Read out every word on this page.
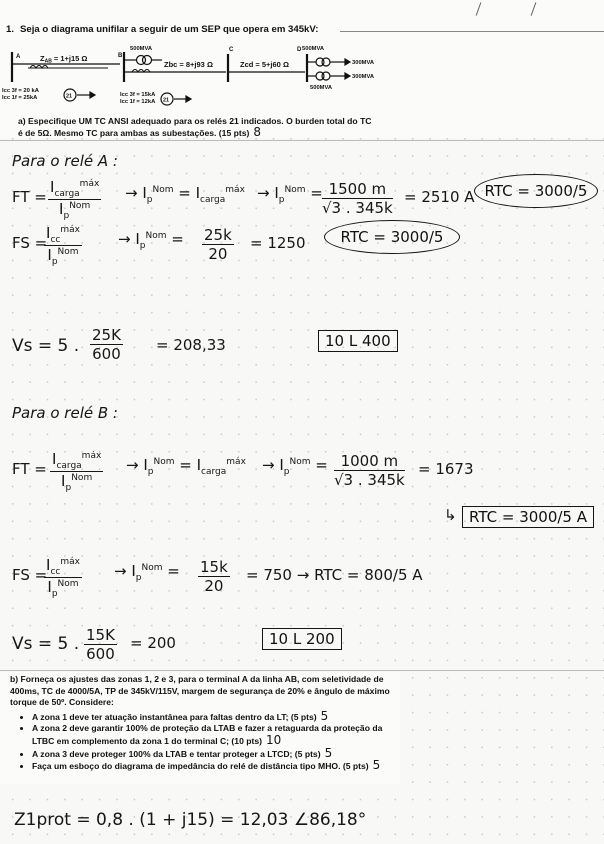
1. Seja o diagrama unifilar a seguir de um SEP que opera em 345kV:
A	B
C	D
$Z_{AB} = 1+j15$ Ω
Zbc = 8+j93 Ω	Zcd = 5+j60 Ω
500MVA	500MVA
300MVA
300MVA
500MVA
Icc 3f = 20 kA
Icc 1f = 25kA	Icc 3f = 15kA
Icc 1f = 12kA
21
21
a) Especifique UM TC ANSI adequado para os relés 21 indicados. O burden total do TC é de 5Ω. Mesmo TC para ambas as subestações. (15 pts) 8
Para o relé A :
FT =
$I_{carga}^{máx}$
$I_p^{Nom}$
→ $I_p^{Nom} = I_{carga}^{máx} \to I_p^{Nom} = \frac{1500 m}{√3 . 345k} = 2510$ A RTC = 3000/5
FS =
$I_{cc}^{máx}$
$I_p^{Nom}$
→ $I_p^{Nom} = \frac{25k}{20} = 1250$	RTC = 3000/5
Vs = 5 . $\frac{25K}{600} = 208,33$	10 L 400
Para o relé B :
FT =
$I_{carga}^{máx}$
$I_p^{Nom}$
→ $I_p^{Nom} = I_{carga}^{máx} \to I_p^{Nom} = \frac{1000 m}{√3 . 345k} = 1673$
↳ RTC = 3000/5 A
FS =
$I_{cc}^{máx}$
$I_p^{Nom}$
→ $I_p^{Nom} = \frac{15k}{20} = 750$ → RTC = 800/5 A
Vs = 5 . $\frac{15K}{600} = 200$	10 L 200
b) Forneça os ajustes das zonas 1, 2 e 3, para o terminal A da linha AB, com seletividade de 400ms, TC de 4000/5A, TP de 345kV/115V, margem de segurança de 20% e ângulo de máximo torque de 50º. Considere:
• A zona 1 deve ter atuação instantânea para faltas dentro da LT; (5 pts) 5
• A zona 2 deve garantir 100% de proteção da LTAB e fazer a retaguarda da proteção da LTBC em complemento da zona 1 do terminal C; (10 pts) 10
• A zona 3 deve proteger 100% da LTAB e tentar proteger a LTCD; (5 pts) 5
• Faça um esboço do diagrama de impedância do relé de distância tipo MHO. (5 pts) 5
Z1prot = 0,8 . (1 + j15) = 12,03 ∠86,18°
